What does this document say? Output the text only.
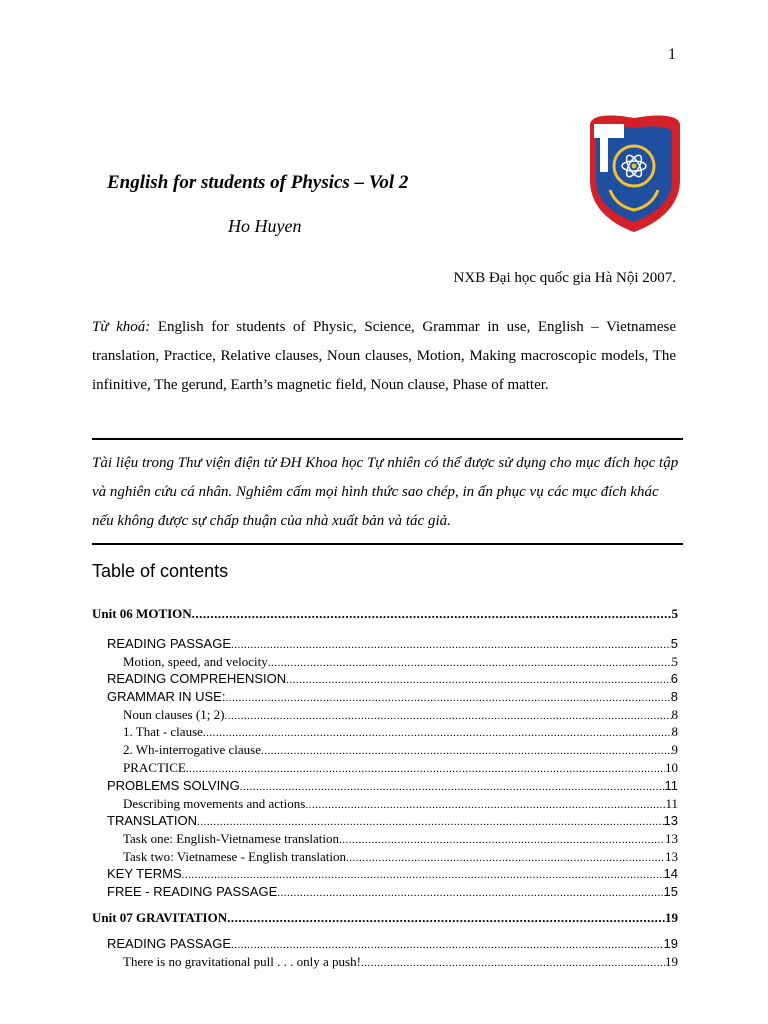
1
English for students of Physics – Vol 2
Ho Huyen
NXB Đại học quốc gia Hà Nội 2007.
Từ khoá: English for students of Physic, Science, Grammar in use, English – Vietnamese translation, Practice, Relative clauses, Noun clauses, Motion, Making macroscopic models, The infinitive, The gerund, Earth’s magnetic field, Noun clause, Phase of matter.
Tài liệu trong Thư viện điện tử ĐH Khoa học Tự nhiên có thể được sử dụng cho mục đích học tập và nghiên cứu cá nhân. Nghiêm cấm mọi hình thức sao chép, in ấn phục vụ các mục đích khác nếu không được sự chấp thuận của nhà xuất bản và tác giả.
Table of contents
Unit 06 MOTION .....	5
READING PASSAGE .....	5
Motion, speed, and velocity .....	5
READING COMPREHENSION .....	6
GRAMMAR IN USE: .....	8
Noun clauses (1; 2) .....	8
1. That - clause .....	8
2. Wh-interrogative clause .....	9
PRACTICE .....	10
PROBLEMS SOLVING .....	11
Describing movements and actions .....	11
TRANSLATION .....	13
Task one: English-Vietnamese translation .....	13
Task two: Vietnamese - English translation .....	13
KEY TERMS .....	14
FREE - READING PASSAGE .....	15
Unit 07 GRAVITATION .....	19
READING PASSAGE .....	19
There is no gravitational pull . . . only a push! .....	19
